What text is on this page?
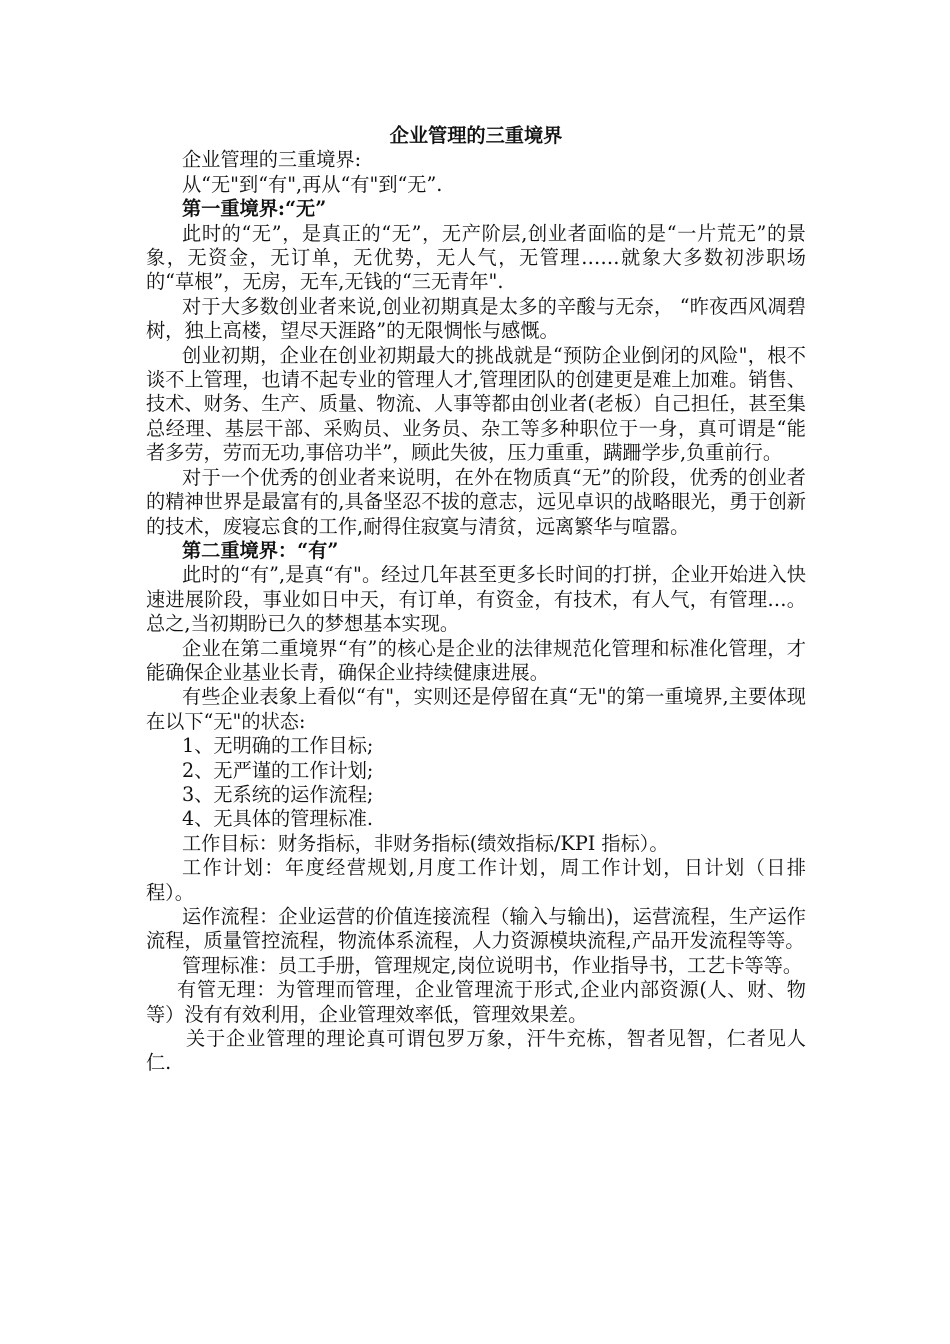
企业管理的三重境界

企业管理的三重境界:

从“无"到“有",再从“有"到“无”.

第一重境界:“无”

此时的“无”，是真正的“无”，无产阶层,创业者面临的是“一片荒无”的景象，无资金，无订单，无优势，无人气，无管理……就象大多数初涉职场的“草根”，无房，无车,无钱的“三无青年".

对于大多数创业者来说,创业初期真是太多的辛酸与无奈， “昨夜西风凋碧树，独上高楼，望尽天涯路”的无限惆怅与感慨。

创业初期，企业在创业初期最大的挑战就是“预防企业倒闭的风险"，根不谈不上管理，也请不起专业的管理人才,管理团队的创建更是难上加难。销售、技术、财务、生产、质量、物流、人事等都由创业者(老板）自己担任，甚至集总经理、基层干部、采购员、业务员、杂工等多种职位于一身，真可谓是“能者多劳，劳而无功,事倍功半”，顾此失彼，压力重重，蹒跚学步,负重前行。

对于一个优秀的创业者来说明，在外在物质真“无”的阶段，优秀的创业者的精神世界是最富有的,具备坚忍不拔的意志，远见卓识的战略眼光，勇于创新的技术，废寝忘食的工作,耐得住寂寞与清贫，远离繁华与喧嚣。

第二重境界：“有”

此时的“有”,是真“有"。经过几年甚至更多长时间的打拼，企业开始进入快速进展阶段，事业如日中天，有订单，有资金，有技术，有人气，有管理…。总之,当初期盼已久的梦想基本实现。

企业在第二重境界“有”的核心是企业的法律规范化管理和标准化管理，才能确保企业基业长青，确保企业持续健康进展。

有些企业表象上看似“有"，实则还是停留在真“无"的第一重境界,主要体现在以下“无"的状态:

1、无明确的工作目标;

2、无严谨的工作计划;

3、无系统的运作流程;

4、无具体的管理标准.

工作目标：财务指标，非财务指标(绩效指标/KPI 指标）。

工作计划：年度经营规划,月度工作计划，周工作计划，日计划（日排程）。

运作流程：企业运营的价值连接流程（输入与输出)，运营流程，生产运作流程，质量管控流程，物流体系流程，人力资源模块流程,产品开发流程等等。

管理标准：员工手册，管理规定,岗位说明书，作业指导书，工艺卡等等。

有管无理：为管理而管理，企业管理流于形式,企业内部资源(人、财、物等）没有有效利用，企业管理效率低，管理效果差。

关于企业管理的理论真可谓包罗万象，汗牛充栋，智者见智，仁者见人仁.
